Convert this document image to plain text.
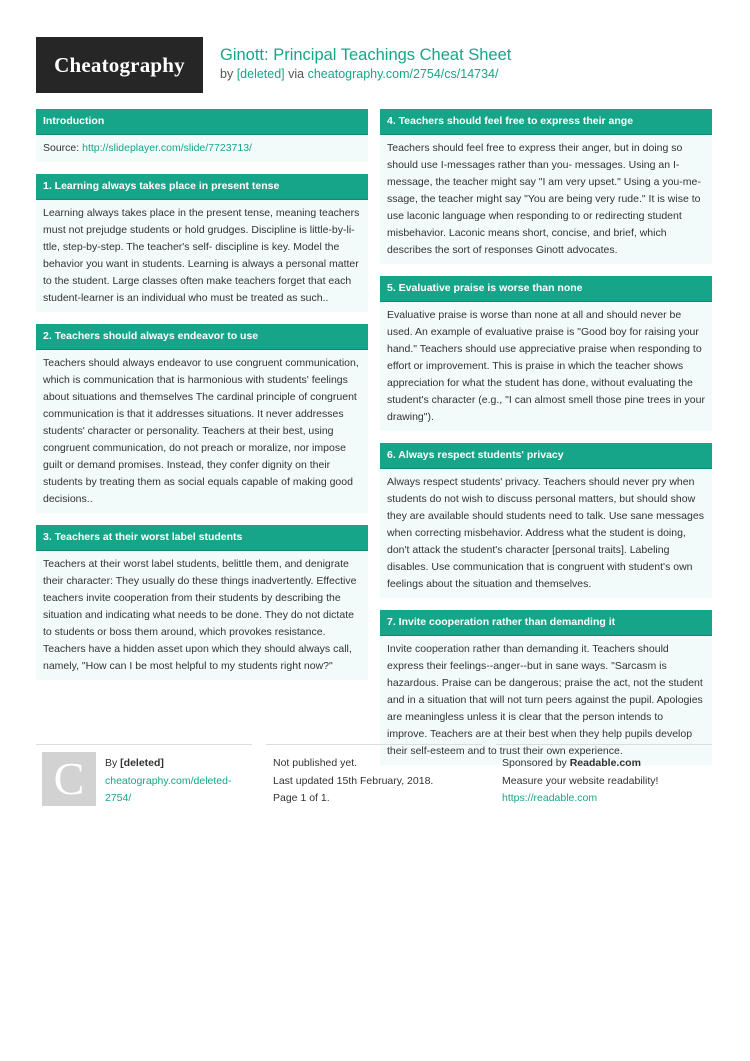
Cheatography	Ginott: Principal Teachings Cheat Sheet
by [deleted] via cheatography.com/2754/cs/14734/
Introduction
Source: http://slideplayer.com/slide/7723713/
1. Learning always takes place in present tense
Learning always takes place in the present tense, meaning teachers must not prejudge students or hold grudges. Discipline is little-by-little, step-by-step. The teacher's self- discipline is key. Model the behavior you want in students. Learning is always a personal matter to the student. Large classes often make teachers forget that each student-learner is an individual who must be treated as such..
2. Teachers should always endeavor to use
Teachers should always endeavor to use congruent communication, which is communication that is harmonious with students' feelings about situations and themselves The cardinal principle of congruent communication is that it addresses situations. It never addresses students' character or personality. Teachers at their best, using congruent communication, do not preach or moralize, nor impose guilt or demand promises. Instead, they confer dignity on their students by treating them as social equals capable of making good decisions..
3. Teachers at their worst label students
Teachers at their worst label students, belittle them, and denigrate their character: They usually do these things inadvertently. Effective teachers invite cooperation from their students by describing the situation and indicating what needs to be done. They do not dictate to students or boss them around, which provokes resistance. Teachers have a hidden asset upon which they should always call, namely, "How can I be most helpful to my students right now?"
4. Teachers should feel free to express their ange
Teachers should feel free to express their anger, but in doing so should use I-messages rather than you- messages. Using an I-message, the teacher might say "I am very upset." Using a you-message, the teacher might say "You are being very rude." It is wise to use laconic language when responding to or redirecting student misbehavior. Laconic means short, concise, and brief, which describes the sort of responses Ginott advocates.
5. Evaluative praise is worse than none
Evaluative praise is worse than none at all and should never be used. An example of evaluative praise is "Good boy for raising your hand." Teachers should use appreciative praise when responding to effort or improvement. This is praise in which the teacher shows appreciation for what the student has done, without evaluating the student's character (e.g., "I can almost smell those pine trees in your drawing").
6. Always respect students' privacy
Always respect students' privacy. Teachers should never pry when students do not wish to discuss personal matters, but should show they are available should students need to talk. Use sane messages when correcting misbehavior. Address what the student is doing, don't attack the student's character [personal traits]. Labeling disables. Use communication that is congruent with student's own feelings about the situation and themselves.
7. Invite cooperation rather than demanding it
Invite cooperation rather than demanding it. Teachers should express their feelings--anger--but in sane ways. "Sarcasm is hazardous. Praise can be dangerous; praise the act, not the student and in a situation that will not turn peers against the pupil. Apologies are meaningless unless it is clear that the person intends to improve. Teachers are at their best when they help pupils develop their self-esteem and to trust their own experience.
C	By [deleted]
cheatography.com/deleted-
2754/
Not published yet.
Last updated 15th February, 2018.
Page 1 of 1.
Sponsored by Readable.com
Measure your website readability!
https://readable.com
